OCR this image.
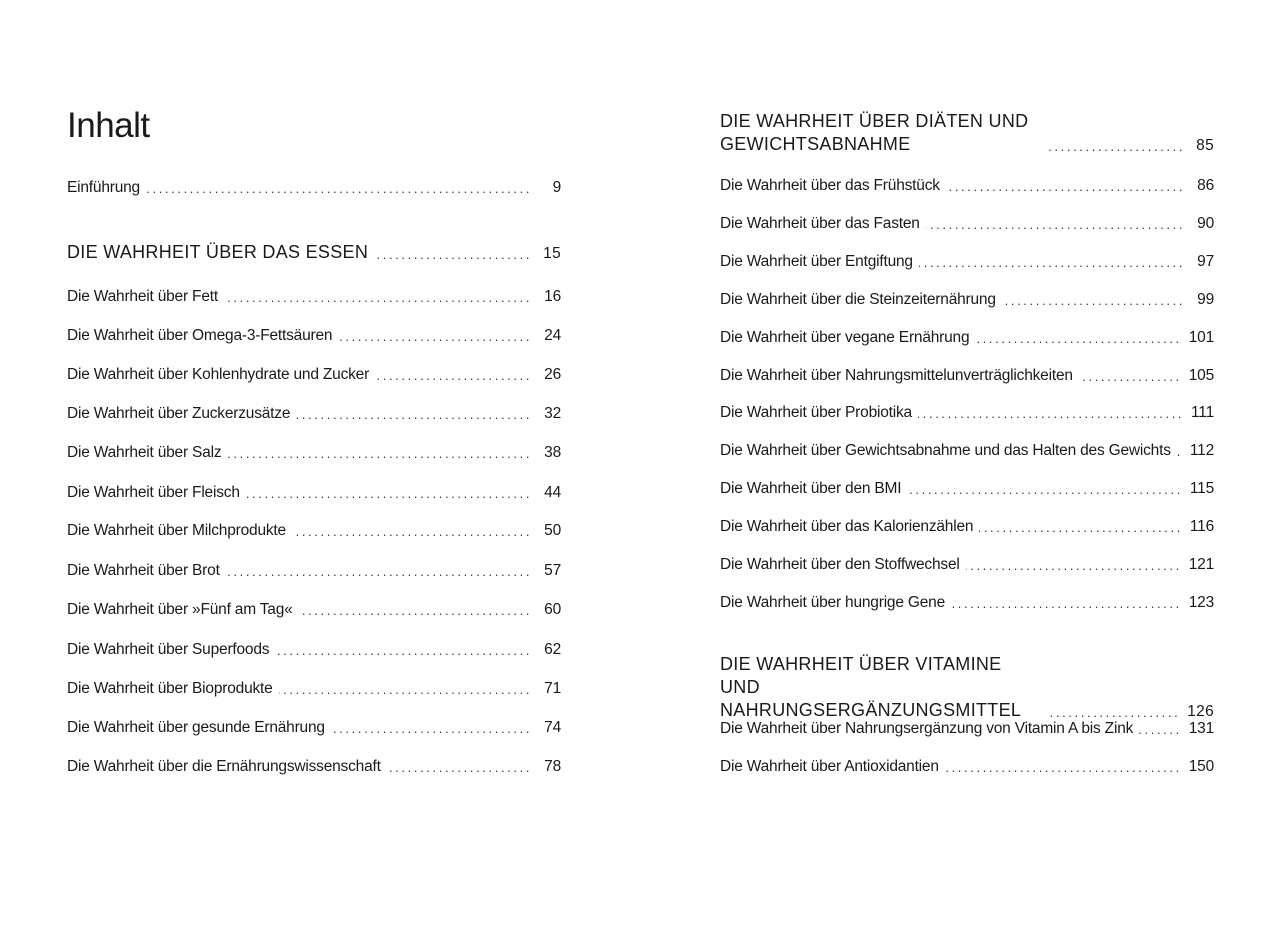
Inhalt
Einführung . . .	9
DIE WAHRHEIT ÜBER DAS ESSEN . . .	15
Die Wahrheit über Fett . . .	16
Die Wahrheit über Omega-3-Fettsäuren . . .	24
Die Wahrheit über Kohlenhydrate und Zucker . . .	26
Die Wahrheit über Zuckerzusätze . . .	32
Die Wahrheit über Salz . . .	38
Die Wahrheit über Fleisch . . .	44
Die Wahrheit über Milchprodukte . . .	50
Die Wahrheit über Brot . . .	57
Die Wahrheit über »Fünf am Tag« . . .	60
Die Wahrheit über Superfoods . . .	62
Die Wahrheit über Bioprodukte . . .	71
Die Wahrheit über gesunde Ernährung . . .	74
Die Wahrheit über die Ernährungswissenschaft . . .	78
DIE WAHRHEIT ÜBER DIÄTEN UND GEWICHTSABNAHME . . .	85
Die Wahrheit über das Frühstück . . .	86
Die Wahrheit über das Fasten . . .	90
Die Wahrheit über Entgiftung . . .	97
Die Wahrheit über die Steinzeiternährung . . .	99
Die Wahrheit über vegane Ernährung . . .	101
Die Wahrheit über Nahrungsmittelunverträglichkeiten . . .	105
Die Wahrheit über Probiotika . . .	111
Die Wahrheit über Gewichtsabnahme und das Halten des Gewichts . . .	112
Die Wahrheit über den BMI . . .	115
Die Wahrheit über das Kalorienzählen . . .	116
Die Wahrheit über den Stoffwechsel . . .	121
Die Wahrheit über hungrige Gene . . .	123
DIE WAHRHEIT ÜBER VITAMINE UND NAHRUNGSERGÄNZUNGSMITTEL . . .	126
Die Wahrheit über Nahrungsergänzung von Vitamin A bis Zink . . .	131
Die Wahrheit über Antioxidantien . . .	150
